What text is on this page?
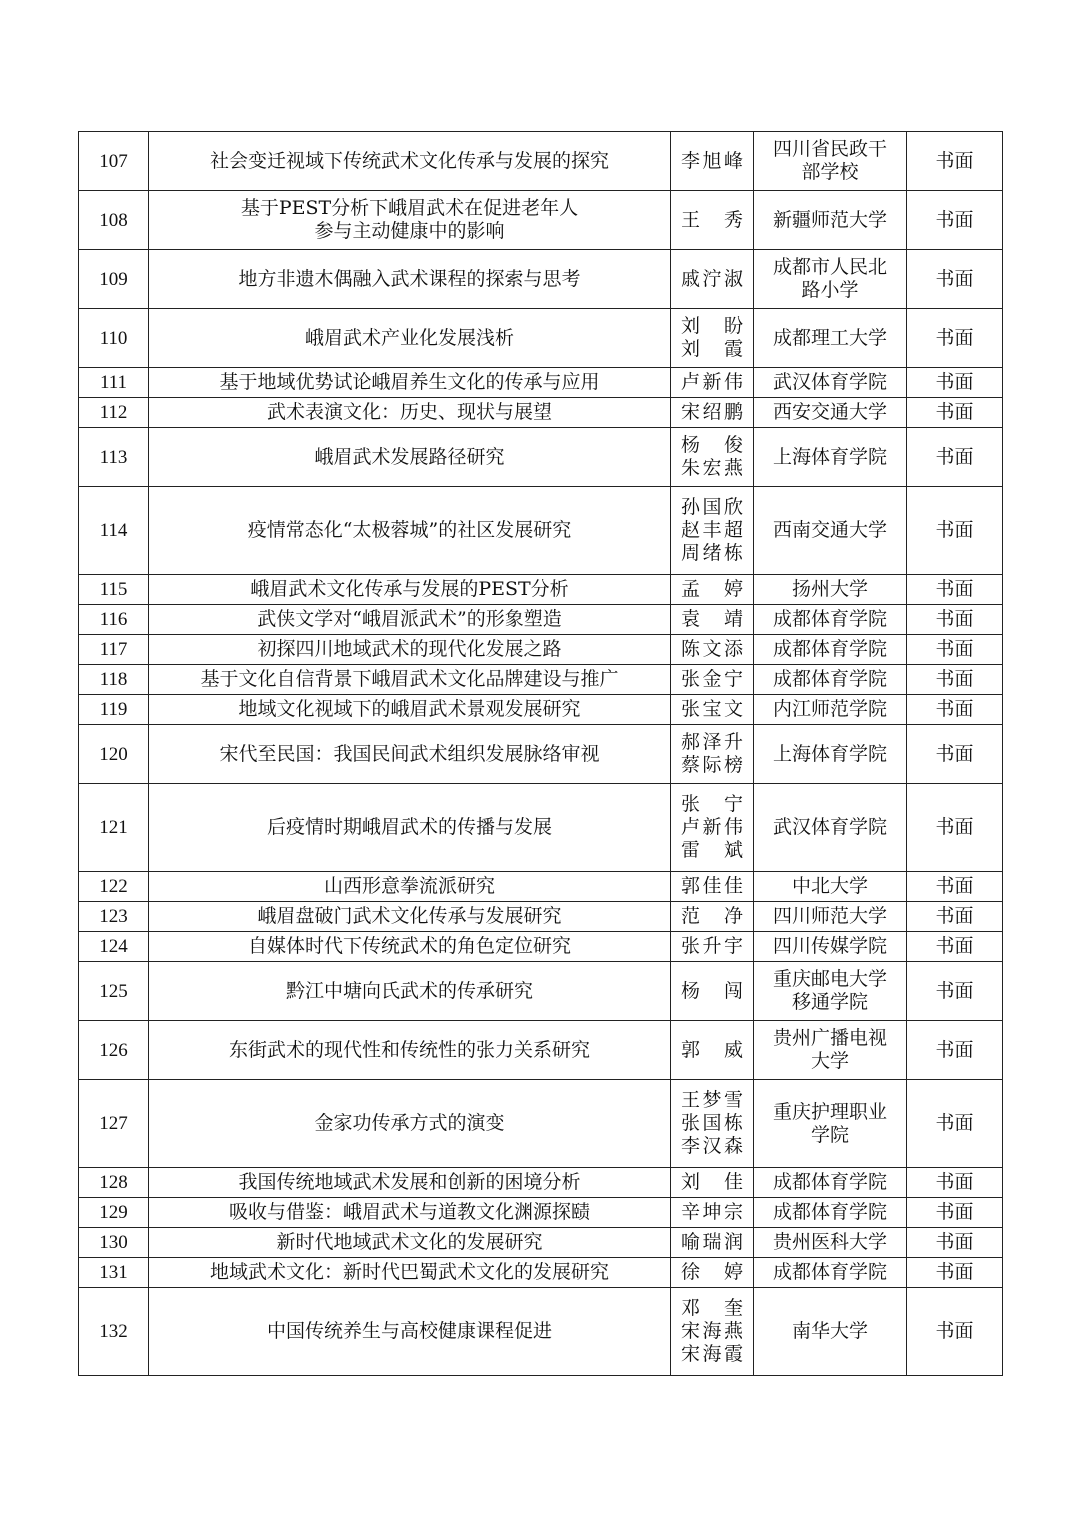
107	社会变迁视域下传统武术文化传承与发展的探究	李旭峰	四川省民政干
部学校	书面
108	基于PEST分析下峨眉武术在促进老年人
参与主动健康中的影响	王　秀	新疆师范大学	书面
109	地方非遗木偶融入武术课程的探索与思考	戚泞淑	成都市人民北
路小学	书面
110	峨眉武术产业化发展浅析	刘　盼
刘　霞	成都理工大学	书面
111	基于地域优势试论峨眉养生文化的传承与应用	卢新伟	武汉体育学院	书面
112	武术表演文化：历史、现状与展望	宋绍鹏	西安交通大学	书面
113	峨眉武术发展路径研究	杨　俊
朱宏燕	上海体育学院	书面
114	疫情常态化“太极蓉城”的社区发展研究	孙国欣
赵丰超
周绪栋	西南交通大学	书面
115	峨眉武术文化传承与发展的PEST分析	孟　婷	扬州大学	书面
116	武侠文学对“峨眉派武术”的形象塑造	袁　靖	成都体育学院	书面
117	初探四川地域武术的现代化发展之路	陈文添	成都体育学院	书面
118	基于文化自信背景下峨眉武术文化品牌建设与推广	张金宁	成都体育学院	书面
119	地域文化视域下的峨眉武术景观发展研究	张宝文	内江师范学院	书面
120	宋代至民国：我国民间武术组织发展脉络审视	郝泽升
蔡际榜	上海体育学院	书面
121	后疫情时期峨眉武术的传播与发展	张　宁
卢新伟
雷　斌	武汉体育学院	书面
122	山西形意拳流派研究	郭佳佳	中北大学	书面
123	峨眉盘破门武术文化传承与发展研究	范　净	四川师范大学	书面
124	自媒体时代下传统武术的角色定位研究	张升宇	四川传媒学院	书面
125	黔江中塘向氏武术的传承研究	杨　闯	重庆邮电大学
移通学院	书面
126	东街武术的现代性和传统性的张力关系研究	郭　威	贵州广播电视
大学	书面
127	金家功传承方式的演变	王梦雪
张国栋
李汉森	重庆护理职业
学院	书面
128	我国传统地域武术发展和创新的困境分析	刘　佳	成都体育学院	书面
129	吸收与借鉴：峨眉武术与道教文化渊源探赜	辛坤宗	成都体育学院	书面
130	新时代地域武术文化的发展研究	喻瑞润	贵州医科大学	书面
131	地域武术文化：新时代巴蜀武术文化的发展研究	徐　婷	成都体育学院	书面
132	中国传统养生与高校健康课程促进	邓　奎
宋海燕
宋海霞	南华大学	书面
